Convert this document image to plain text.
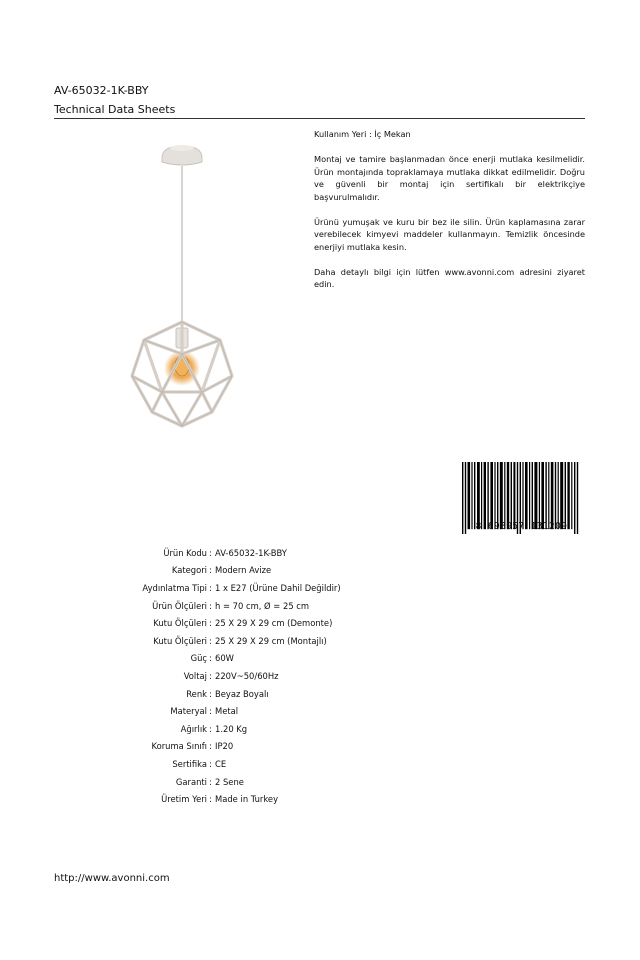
AV-65032-1K-BBY
Technical Data Sheets

Kullanım Yeri : İç Mekan

Montaj ve tamire başlanmadan önce enerji mutlaka kesilmelidir. Ürün montajında topraklamaya mutlaka dikkat edilmelidir. Doğru ve güvenli bir montaj için sertifikalı bir elektrikçiye başvurulmalıdır.

Ürünü yumuşak ve kuru bir bez ile silin. Ürün kaplamasına zarar verebilecek kimyevi maddeler kullanmayın. Temizlik öncesinde enerjiyi mutlaka kesin.

Daha detaylı bilgi için lütfen www.avonni.com adresini ziyaret edin.

8 698957 131209
Ürün Kodu : AV-65032-1K-BBY
Kategori : Modern Avize
Aydınlatma Tipi : 1 x E27 (Ürüne Dahil Değildir)
Ürün Ölçüleri : h = 70 cm, Ø = 25 cm
Kutu Ölçüleri : 25 X 29 X 29 cm (Demonte)
Kutu Ölçüleri : 25 X 29 X 29 cm (Montajlı)
Güç : 60W
Voltaj : 220V~50/60Hz
Renk : Beyaz Boyalı
Materyal : Metal
Ağırlık : 1.20 Kg
Koruma Sınıfı : IP20
Sertifika : CE
Garanti : 2 Sene
Üretim Yeri : Made in Turkey
http://www.avonni.com
